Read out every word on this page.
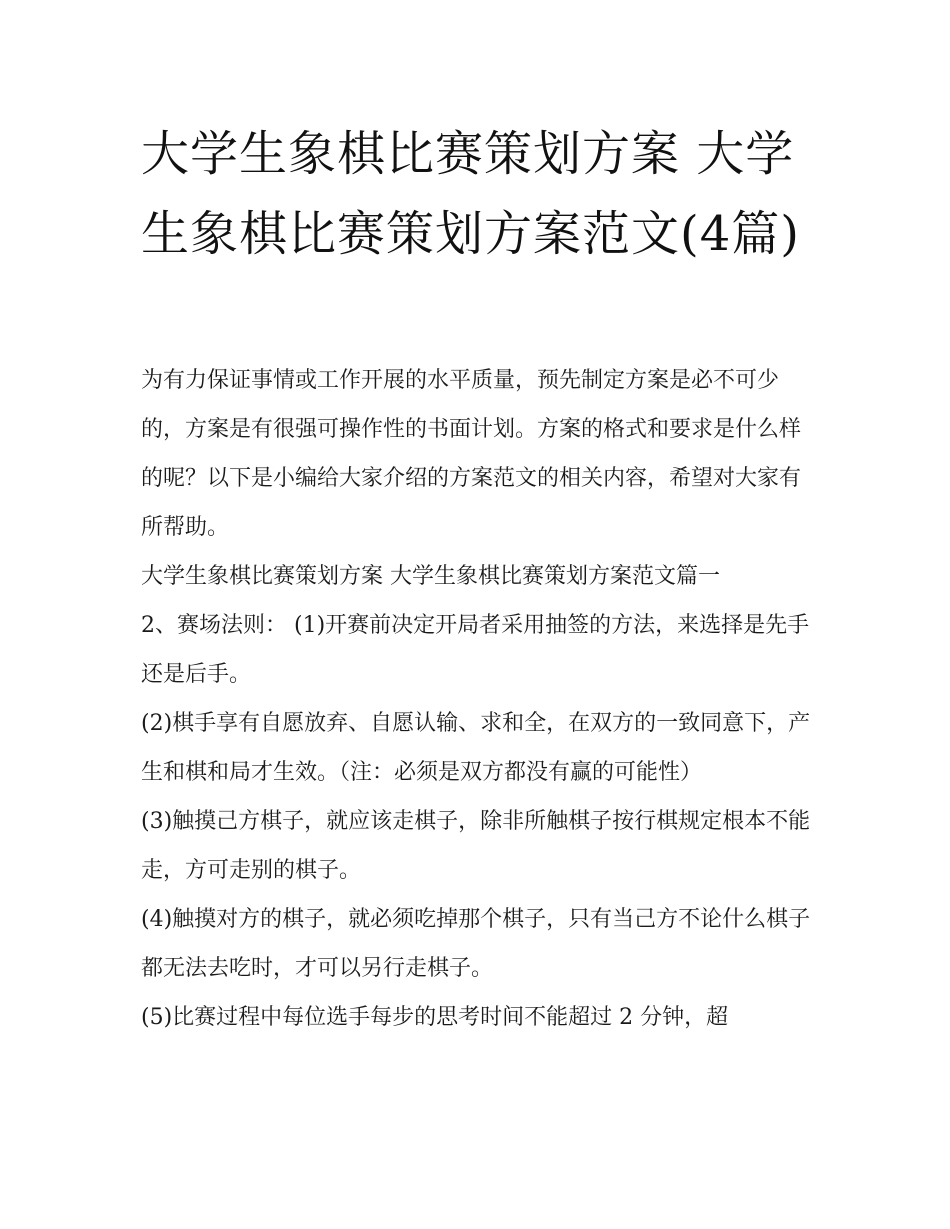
大学生象棋比赛策划方案 大学生象棋比赛策划方案范文(4篇)

为有力保证事情或工作开展的水平质量，预先制定方案是必不可少的，方案是有很强可操作性的书面计划。方案的格式和要求是什么样的呢？以下是小编给大家介绍的方案范文的相关内容，希望对大家有所帮助。

大学生象棋比赛策划方案 大学生象棋比赛策划方案范文篇一

2、赛场法则： (1)开赛前决定开局者采用抽签的方法，来选择是先手还是后手。

(2)棋手享有自愿放弃、自愿认输、求和全，在双方的一致同意下，产生和棋和局才生效。（注：必须是双方都没有赢的可能性）

(3)触摸己方棋子，就应该走棋子，除非所触棋子按行棋规定根本不能走，方可走别的棋子。

(4)触摸对方的棋子，就必须吃掉那个棋子，只有当己方不论什么棋子都无法去吃时，才可以另行走棋子。

(5)比赛过程中每位选手每步的思考时间不能超过 2 分钟，超
